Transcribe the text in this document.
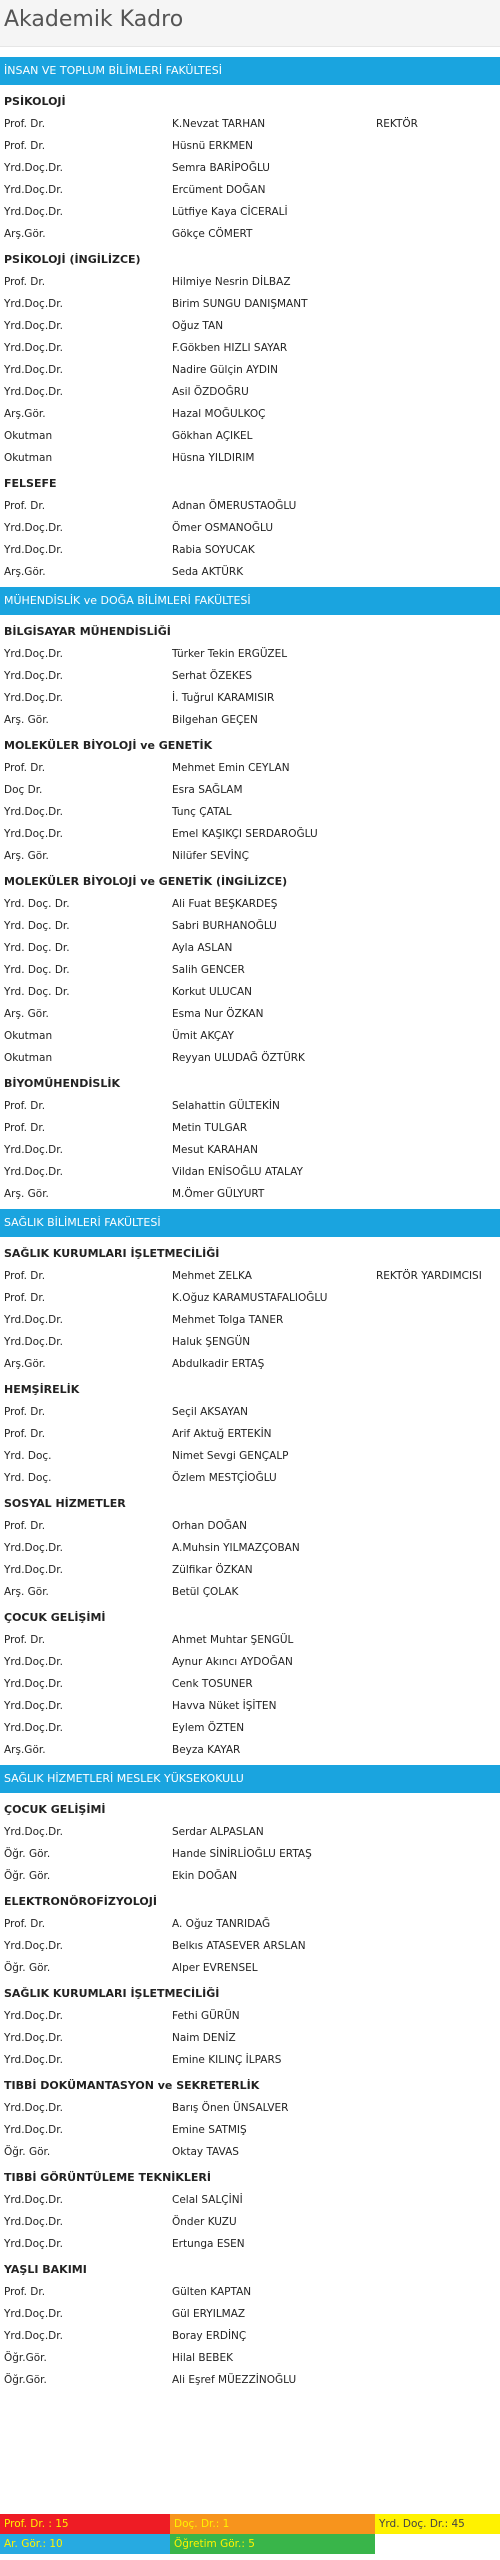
Akademik Kadro
İNSAN VE TOPLUM BİLİMLERİ FAKÜLTESİ
PSİKOLOJİ
Prof. Dr.	K.Nevzat TARHAN	REKTÖR
Prof. Dr.	Hüsnü ERKMEN
Yrd.Doç.Dr.	Semra BARİPOĞLU
Yrd.Doç.Dr.	Ercüment DOĞAN
Yrd.Doç.Dr.	Lütfiye Kaya CİCERALİ
Arş.Gör.	Gökçe CÖMERT
PSİKOLOJİ (İNGİLİZCE)
Prof. Dr.	Hilmiye Nesrin DİLBAZ
Yrd.Doç.Dr.	Birim SUNGU DANIŞMANT
Yrd.Doç.Dr.	Oğuz TAN
Yrd.Doç.Dr.	F.Gökben HIZLI SAYAR
Yrd.Doç.Dr.	Nadire Gülçin AYDIN
Yrd.Doç.Dr.	Asil ÖZDOĞRU
Arş.Gör.	Hazal MOĞULKOÇ
Okutman	Gökhan AÇIKEL
Okutman	Hüsna YILDIRIM
FELSEFE
Prof. Dr.	Adnan ÖMERUSTAOĞLU
Yrd.Doç.Dr.	Ömer OSMANOĞLU
Yrd.Doç.Dr.	Rabia SOYUCAK
Arş.Gör.	Seda AKTÜRK
MÜHENDİSLİK ve DOĞA BİLİMLERİ FAKÜLTESİ
BİLGİSAYAR MÜHENDİSLİĞİ
Yrd.Doç.Dr.	Türker Tekin ERGÜZEL
Yrd.Doç.Dr.	Serhat ÖZEKES
Yrd.Doç.Dr.	İ. Tuğrul KARAMISIR
Arş. Gör.	Bilgehan GEÇEN
MOLEKÜLER BİYOLOJİ ve GENETİK
Prof. Dr.	Mehmet Emin CEYLAN
Doç Dr.	Esra SAĞLAM
Yrd.Doç.Dr.	Tunç ÇATAL
Yrd.Doç.Dr.	Emel KAŞIKÇI SERDAROĞLU
Arş. Gör.	Nilüfer SEVİNÇ
MOLEKÜLER BİYOLOJİ ve GENETİK (İNGİLİZCE)
Yrd. Doç. Dr.	Ali Fuat BEŞKARDEŞ
Yrd. Doç. Dr.	Sabri BURHANOĞLU
Yrd. Doç. Dr.	Ayla ASLAN
Yrd. Doç. Dr.	Salih GENCER
Yrd. Doç. Dr.	Korkut ULUCAN
Arş. Gör.	Esma Nur ÖZKAN
Okutman	Ümit AKÇAY
Okutman	Reyyan ULUDAĞ ÖZTÜRK
BİYOMÜHENDİSLİK
Prof. Dr.	Selahattin GÜLTEKİN
Prof. Dr.	Metin TULGAR
Yrd.Doç.Dr.	Mesut KARAHAN
Yrd.Doç.Dr.	Vildan ENİSOĞLU ATALAY
Arş. Gör.	M.Ömer GÜLYURT
SAĞLIK BİLİMLERİ FAKÜLTESİ
SAĞLIK KURUMLARI İŞLETMECİLİĞİ
Prof. Dr.	Mehmet ZELKA	REKTÖR YARDIMCISI
Prof. Dr.	K.Oğuz KARAMUSTAFALIOĞLU
Yrd.Doç.Dr.	Mehmet Tolga TANER
Yrd.Doç.Dr.	Haluk ŞENGÜN
Arş.Gör.	Abdulkadir ERTAŞ
HEMŞİRELİK
Prof. Dr.	Seçil AKSAYAN
Prof. Dr.	Arif Aktuğ ERTEKİN
Yrd. Doç.	Nimet Sevgi GENÇALP
Yrd. Doç.	Özlem MESTÇİOĞLU
SOSYAL HİZMETLER
Prof. Dr.	Orhan DOĞAN
Yrd.Doç.Dr.	A.Muhsin YILMAZÇOBAN
Yrd.Doç.Dr.	Zülfikar ÖZKAN
Arş. Gör.	Betül ÇOLAK
ÇOCUK GELİŞİMİ
Prof. Dr.	Ahmet Muhtar ŞENGÜL
Yrd.Doç.Dr.	Aynur Akıncı AYDOĞAN
Yrd.Doç.Dr.	Cenk TOSUNER
Yrd.Doç.Dr.	Havva Nüket İŞİTEN
Yrd.Doç.Dr.	Eylem ÖZTEN
Arş.Gör.	Beyza KAYAR
SAĞLIK HİZMETLERİ MESLEK YÜKSEKOKULU
ÇOCUK GELİŞİMİ
Yrd.Doç.Dr.	Serdar ALPASLAN
Öğr. Gör.	Hande SİNİRLİOĞLU ERTAŞ
Öğr. Gör.	Ekin DOĞAN
ELEKTRONÖROFİZYOLOJİ
Prof. Dr.	A. Oğuz TANRIDAĞ
Yrd.Doç.Dr.	Belkıs ATASEVER ARSLAN
Öğr. Gör.	Alper EVRENSEL
SAĞLIK KURUMLARI İŞLETMECİLİĞİ
Yrd.Doç.Dr.	Fethi GÜRÜN
Yrd.Doç.Dr.	Naim DENİZ
Yrd.Doç.Dr.	Emine KILINÇ İLPARS
TIBBİ DOKÜMANTASYON ve SEKRETERLİK
Yrd.Doç.Dr.	Barış Önen ÜNSALVER
Yrd.Doç.Dr.	Emine SATMIŞ
Öğr. Gör.	Oktay TAVAS
TIBBİ GÖRÜNTÜLEME TEKNİKLERİ
Yrd.Doç.Dr.	Celal SALÇİNİ
Yrd.Doç.Dr.	Önder KUZU
Yrd.Doç.Dr.	Ertunga ESEN
YAŞLI BAKIMI
Prof. Dr.	Gülten KAPTAN
Yrd.Doç.Dr.	Gül ERYILMAZ
Yrd.Doç.Dr.	Boray ERDİNÇ
Öğr.Gör.	Hilal BEBEK
Öğr.Gör.	Ali Eşref MÜEZZİNOĞLU
Prof. Dr. : 15	Doç. Dr.: 1	Yrd. Doç. Dr.: 45
Ar. Gör.: 10	Öğretim Gör.: 5
